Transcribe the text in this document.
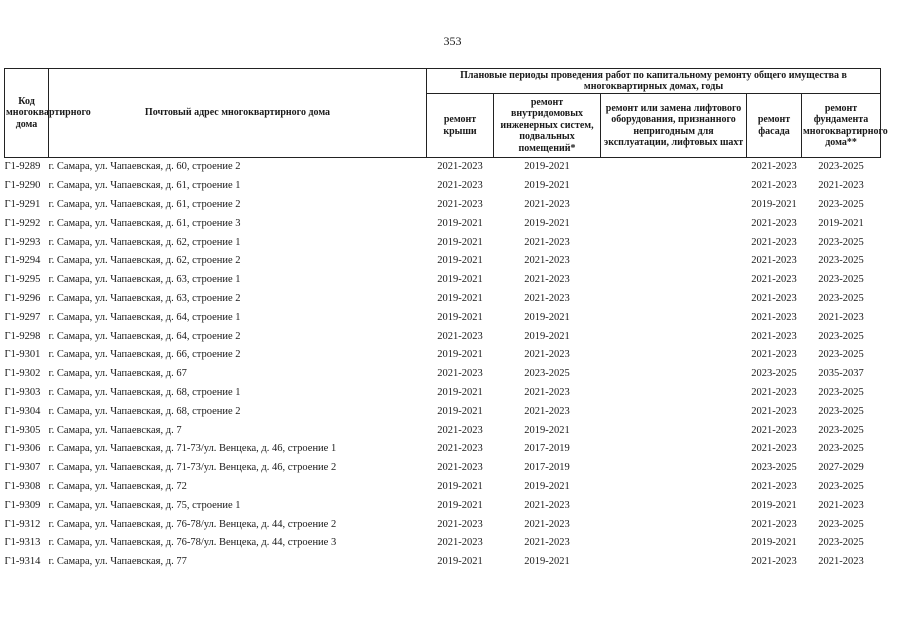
353
Код многоквартирного дома	Почтовый адрес многоквартирного дома	Плановые периоды проведения работ по капитальному ремонту общего имущества в многоквартирных домах, годы				
		ремонт крыши	ремонт внутридомовых инженерных систем, подвальных помещений*	ремонт или замена лифтового оборудования, признанного непригодным для эксплуатации, лифтовых шахт	ремонт фасада	ремонт фундамента многоквартирного дома**
Г1-9289	г. Самара, ул. Чапаевская, д. 60, строение 2	2021-2023	2019-2021		2021-2023	2023-2025
Г1-9290	г. Самара, ул. Чапаевская, д. 61, строение 1	2021-2023	2019-2021		2021-2023	2021-2023
Г1-9291	г. Самара, ул. Чапаевская, д. 61, строение 2	2021-2023	2021-2023		2019-2021	2023-2025
Г1-9292	г. Самара, ул. Чапаевская, д. 61, строение 3	2019-2021	2019-2021		2021-2023	2019-2021
Г1-9293	г. Самара, ул. Чапаевская, д. 62, строение 1	2019-2021	2021-2023		2021-2023	2023-2025
Г1-9294	г. Самара, ул. Чапаевская, д. 62, строение 2	2019-2021	2021-2023		2021-2023	2023-2025
Г1-9295	г. Самара, ул. Чапаевская, д. 63, строение 1	2019-2021	2021-2023		2021-2023	2023-2025
Г1-9296	г. Самара, ул. Чапаевская, д. 63, строение 2	2019-2021	2021-2023		2021-2023	2023-2025
Г1-9297	г. Самара, ул. Чапаевская, д. 64, строение 1	2019-2021	2019-2021		2021-2023	2021-2023
Г1-9298	г. Самара, ул. Чапаевская, д. 64, строение 2	2021-2023	2019-2021		2021-2023	2023-2025
Г1-9301	г. Самара, ул. Чапаевская, д. 66, строение 2	2019-2021	2021-2023		2021-2023	2023-2025
Г1-9302	г. Самара, ул. Чапаевская, д. 67	2021-2023	2023-2025		2023-2025	2035-2037
Г1-9303	г. Самара, ул. Чапаевская, д. 68, строение 1	2019-2021	2021-2023		2021-2023	2023-2025
Г1-9304	г. Самара, ул. Чапаевская, д. 68, строение 2	2019-2021	2021-2023		2021-2023	2023-2025
Г1-9305	г. Самара, ул. Чапаевская, д. 7	2021-2023	2019-2021		2021-2023	2023-2025
Г1-9306	г. Самара, ул. Чапаевская, д. 71-73/ул. Венцека, д. 46, строение 1	2021-2023	2017-2019		2021-2023	2023-2025
Г1-9307	г. Самара, ул. Чапаевская, д. 71-73/ул. Венцека, д. 46, строение 2	2021-2023	2017-2019		2023-2025	2027-2029
Г1-9308	г. Самара, ул. Чапаевская, д. 72	2019-2021	2019-2021		2021-2023	2023-2025
Г1-9309	г. Самара, ул. Чапаевская, д. 75, строение 1	2019-2021	2021-2023		2019-2021	2021-2023
Г1-9312	г. Самара, ул. Чапаевская, д. 76-78/ул. Венцека, д. 44, строение 2	2021-2023	2021-2023		2021-2023	2023-2025
Г1-9313	г. Самара, ул. Чапаевская, д. 76-78/ул. Венцека, д. 44, строение 3	2021-2023	2021-2023		2019-2021	2023-2025
Г1-9314	г. Самара, ул. Чапаевская, д. 77	2019-2021	2019-2021		2021-2023	2021-2023
